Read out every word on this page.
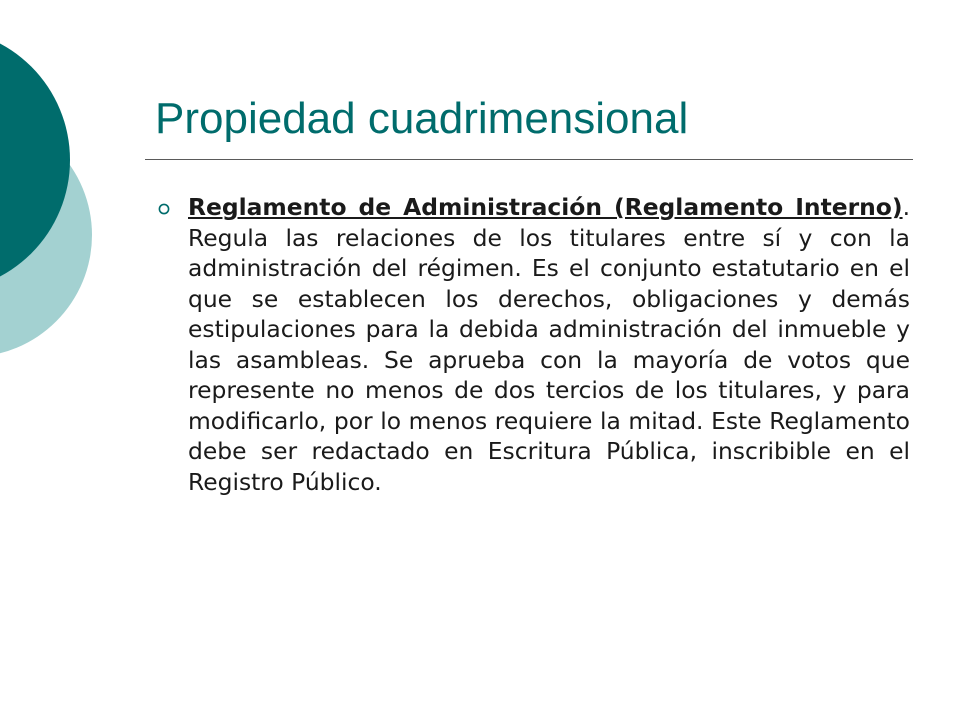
Propiedad cuadrimensional

Reglamento de Administración (Reglamento Interno). Regula las relaciones de los titulares entre sí y con la administración del régimen. Es el conjunto estatutario en el que se establecen los derechos, obligaciones y demás estipulaciones para la debida administración del inmueble y las asambleas. Se aprueba con la mayoría de votos que represente no menos de dos tercios de los titulares, y para modificarlo, por lo menos requiere la mitad. Este Reglamento debe ser redactado en Escritura Pública, inscribible en el Registro Público.
